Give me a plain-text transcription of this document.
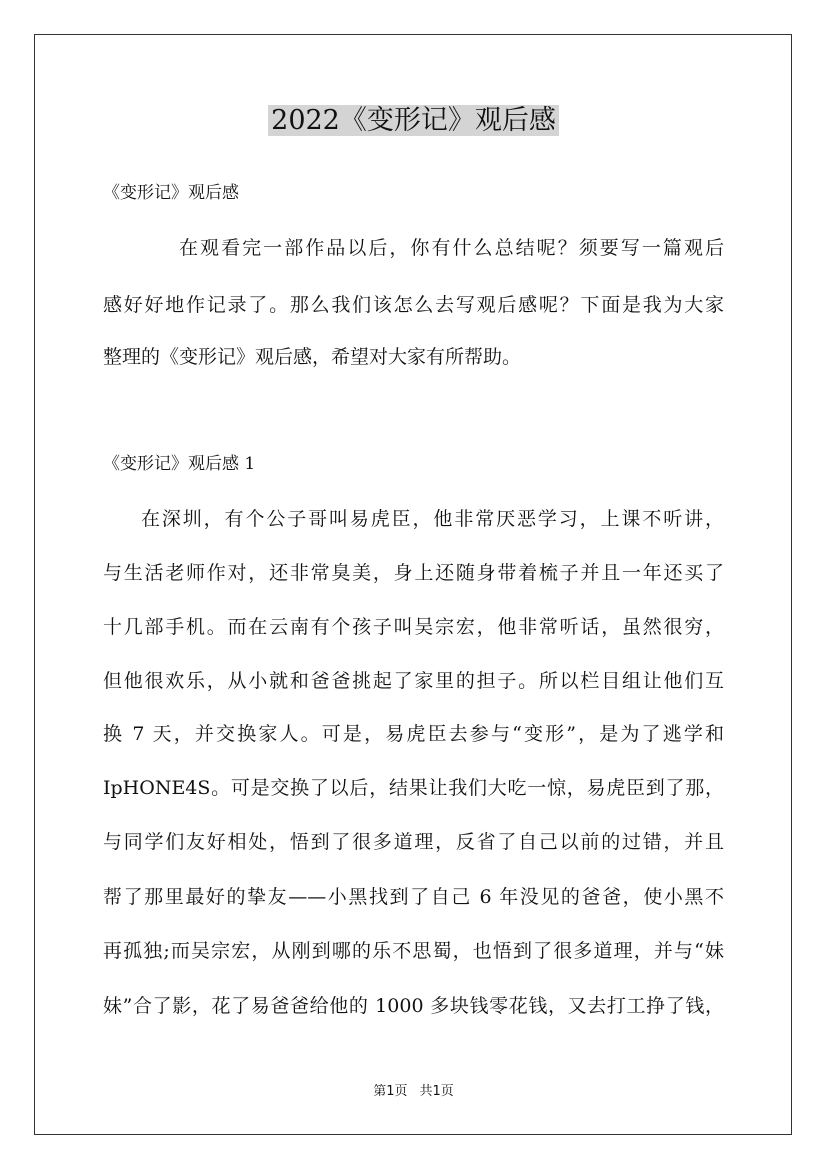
2022《变形记》观后感
《变形记》观后感
在观看完一部作品以后，你有什么总结呢？须要写一篇观后
感好好地作记录了。那么我们该怎么去写观后感呢？下面是我为大家
整理的《变形记》观后感，希望对大家有所帮助。
《变形记》观后感 1
在深圳，有个公子哥叫易虎臣，他非常厌恶学习，上课不听讲，
与生活老师作对，还非常臭美，身上还随身带着梳子并且一年还买了
十几部手机。而在云南有个孩子叫吴宗宏，他非常听话，虽然很穷，
但他很欢乐，从小就和爸爸挑起了家里的担子。所以栏目组让他们互
换 7 天，并交换家人。可是，易虎臣去参与“变形”，是为了逃学和
IpHONE4S。可是交换了以后，结果让我们大吃一惊，易虎臣到了那，
与同学们友好相处，悟到了很多道理，反省了自己以前的过错，并且
帮了那里最好的挚友——小黑找到了自己 6 年没见的爸爸，使小黑不
再孤独;而吴宗宏，从刚到哪的乐不思蜀，也悟到了很多道理，并与“妹
妹”合了影，花了易爸爸给他的 1000 多块钱零花钱，又去打工挣了钱，
第1页 共1页
